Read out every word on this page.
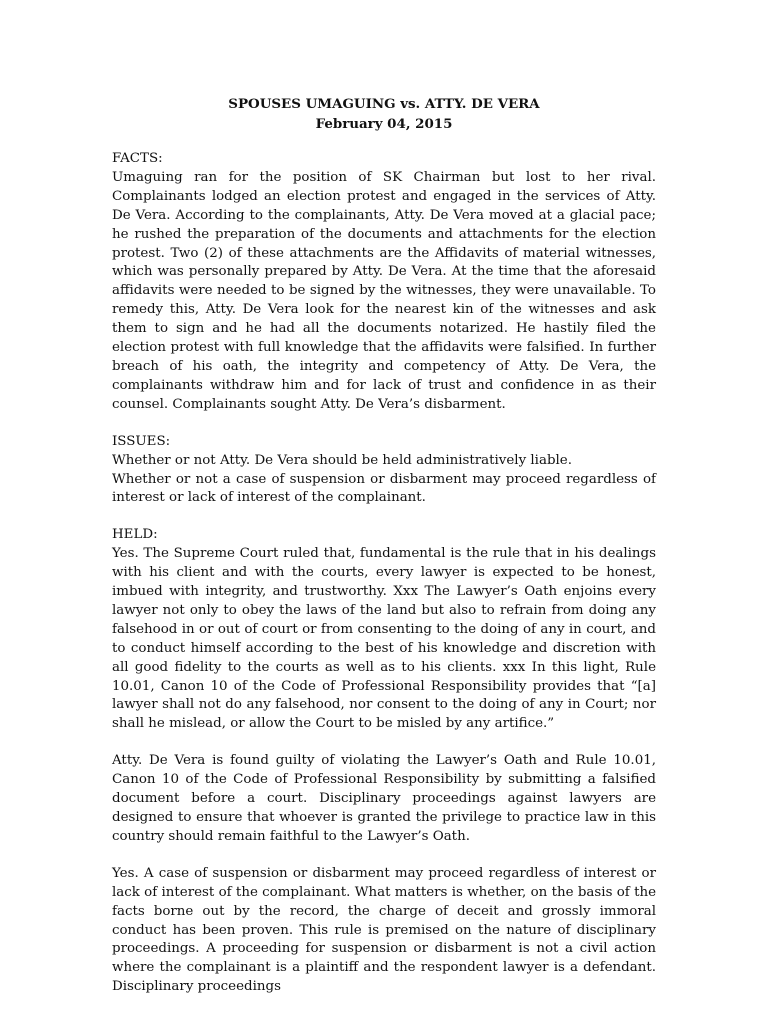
SPOUSES UMAGUING vs. ATTY. DE VERA
February 04, 2015

FACTS:

Umaguing ran for the position of SK Chairman but lost to her rival. Complainants lodged an election protest and engaged in the services of Atty. De Vera. According to the complainants, Atty. De Vera moved at a glacial pace; he rushed the preparation of the documents and attachments for the election protest. Two (2) of these attachments are the Affidavits of material witnesses, which was personally prepared by Atty. De Vera. At the time that the aforesaid affidavits were needed to be signed by the witnesses, they were unavailable. To remedy this, Atty. De Vera look for the nearest kin of the witnesses and ask them to sign and he had all the documents notarized. He hastily filed the election protest with full knowledge that the affidavits were falsified. In further breach of his oath, the integrity and competency of Atty. De Vera, the complainants withdraw him and for lack of trust and confidence in as their counsel. Complainants sought Atty. De Vera’s disbarment.

ISSUES:

Whether or not Atty. De Vera should be held administratively liable.

Whether or not a case of suspension or disbarment may proceed regardless of interest or lack of interest of the complainant.

HELD:

Yes. The Supreme Court ruled that, fundamental is the rule that in his dealings with his client and with the courts, every lawyer is expected to be honest, imbued with integrity, and trustworthy. Xxx The Lawyer’s Oath enjoins every lawyer not only to obey the laws of the land but also to refrain from doing any falsehood in or out of court or from consenting to the doing of any in court, and to conduct himself according to the best of his knowledge and discretion with all good fidelity to the courts as well as to his clients. xxx In this light, Rule 10.01, Canon 10 of the Code of Professional Responsibility provides that “[a] lawyer shall not do any falsehood, nor consent to the doing of any in Court; nor shall he mislead, or allow the Court to be misled by any artifice.”

Atty. De Vera is found guilty of violating the Lawyer’s Oath and Rule 10.01, Canon 10 of the Code of Professional Responsibility by submitting a falsified document before a court. Disciplinary proceedings against lawyers are designed to ensure that whoever is granted the privilege to practice law in this country should remain faithful to the Lawyer’s Oath.

Yes. A case of suspension or disbarment may proceed regardless of interest or lack of interest of the complainant. What matters is whether, on the basis of the facts borne out by the record, the charge of deceit and grossly immoral conduct has been proven. This rule is premised on the nature of disciplinary proceedings. A proceeding for suspension or disbarment is not a civil action where the complainant is a plaintiff and the respondent lawyer is a defendant. Disciplinary proceedings
